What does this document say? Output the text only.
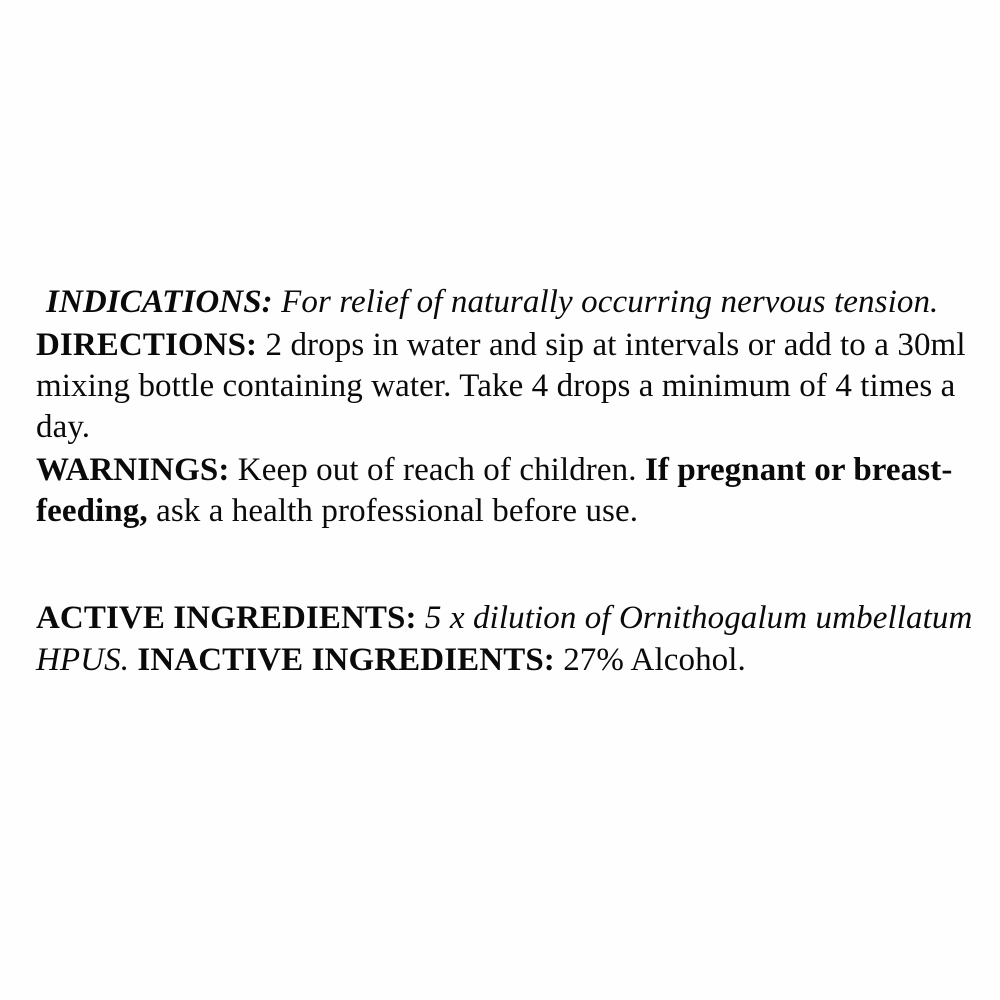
INDICATIONS: For relief of naturally occurring nervous tension.

DIRECTIONS: 2 drops in water and sip at intervals or add to a 30ml mixing bottle containing water. Take 4 drops a minimum of 4 times a day.

WARNINGS: Keep out of reach of children. If pregnant or breast-feeding, ask a health professional before use.

ACTIVE INGREDIENTS: 5 x dilution of Ornithogalum umbellatum HPUS. INACTIVE INGREDIENTS: 27% Alcohol.
